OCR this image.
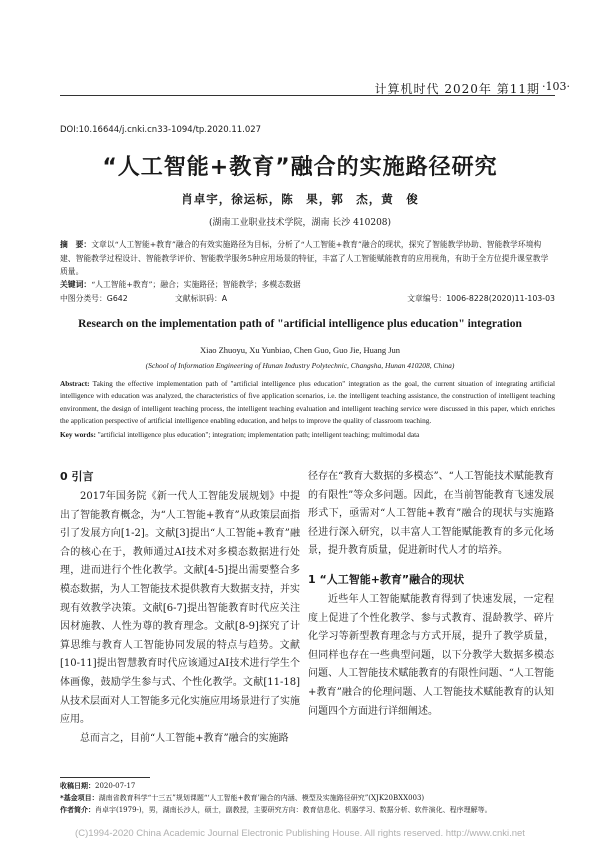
计算机时代 2020年 第11期 ·103·
DOI:10.16644/j.cnki.cn33-1094/tp.2020.11.027
“人工智能+教育”融合的实施路径研究
肖卓宇，徐运标，陈　果，郭　杰，黄　俊
(湖南工业职业技术学院，湖南 长沙 410208)
摘　要：文章以“人工智能+教育”融合的有效实施路径为目标，分析了“人工智能+教育”融合的现状，探究了智能教学协助、智能教学环境构建、智能教学过程设计、智能教学评价、智能教学服务5种应用场景的特征，丰富了人工智能赋能教育的应用视角，有助于全方位提升课堂教学质量。
关键词：“人工智能+教育”；融合；实施路径；智能教学；多模态数据
中图分类号：G642	文献标识码：A	文章编号：1006-8228(2020)11-103-03
Research on the implementation path of "artificial intelligence plus education" integration
Xiao Zhuoyu, Xu Yunbiao, Chen Guo, Guo Jie, Huang Jun
(School of Information Engineering of Hunan Industry Polytechnic, Changsha, Hunan 410208, China)
Abstract: Taking the effective implementation path of "artificial intelligence plus education" integration as the goal, the current situation of integrating artificial intelligence with education was analyzed, the characteristics of five application scenarios, i.e. the intelligent teaching assistance, the construction of intelligent teaching environment, the design of intelligent teaching process, the intelligent teaching evaluation and intelligent teaching service were discussed in this paper, which enriches the application perspective of artificial intelligence enabling education, and helps to improve the quality of classroom teaching.
Key words: "artificial intelligence plus education"; integration; implementation path; intelligent teaching; multimodal data
0 引言
2017年国务院《新一代人工智能发展规划》中提出了智能教育概念，为“人工智能+教育”从政策层面指引了发展方向[1-2]。文献[3]提出“人工智能+教育”融合的核心在于，教师通过AI技术对多模态数据进行处理，进而进行个性化教学。文献[4-5]提出需要整合多模态数据，为人工智能技术提供教育大数据支持，并实现有效教学决策。文献[6-7]提出智能教育时代应关注因材施教、人性为尊的教育理念。文献[8-9]探究了计算思维与教育人工智能协同发展的特点与趋势。文献[10-11]提出智慧教育时代应该通过AI技术进行学生个体画像，鼓励学生参与式、个性化教学。文献[11-18]从技术层面对人工智能多元化实施应用场景进行了实施应用。
总而言之，目前“人工智能+教育”融合的实施路
径存在“教育大数据的多模态”、“人工智能技术赋能教育的有限性”等众多问题。因此，在当前智能教育飞速发展形式下，亟需对“人工智能+教育”融合的现状与实施路径进行深入研究，以丰富人工智能赋能教育的多元化场景，提升教育质量，促进新时代人才的培养。
1 “人工智能+教育”融合的现状
近些年人工智能赋能教育得到了快速发展，一定程度上促进了个性化教学、参与式教育、混龄教学、碎片化学习等新型教育理念与方式开展，提升了教学质量，但同样也存在一些典型问题，以下分教学大数据多模态问题、人工智能技术赋能教育的有限性问题、“人工智能+教育”融合的伦理问题、人工智能技术赋能教育的认知问题四个方面进行详细阐述。
收稿日期：2020-07-17
*基金项目：湖南省教育科学“十三五”规划课题“‘人工智能+教育’融合的内涵、模型及实施路径研究”(XJK20BXX003)
作者简介：肖卓宇(1979-)，男，湖南长沙人，硕士，副教授，主要研究方向：教育信息化、机器学习、数据分析、软件演化、程序理解等。
(C)1994-2020 China Academic Journal Electronic Publishing House. All rights reserved. http://www.cnki.net
